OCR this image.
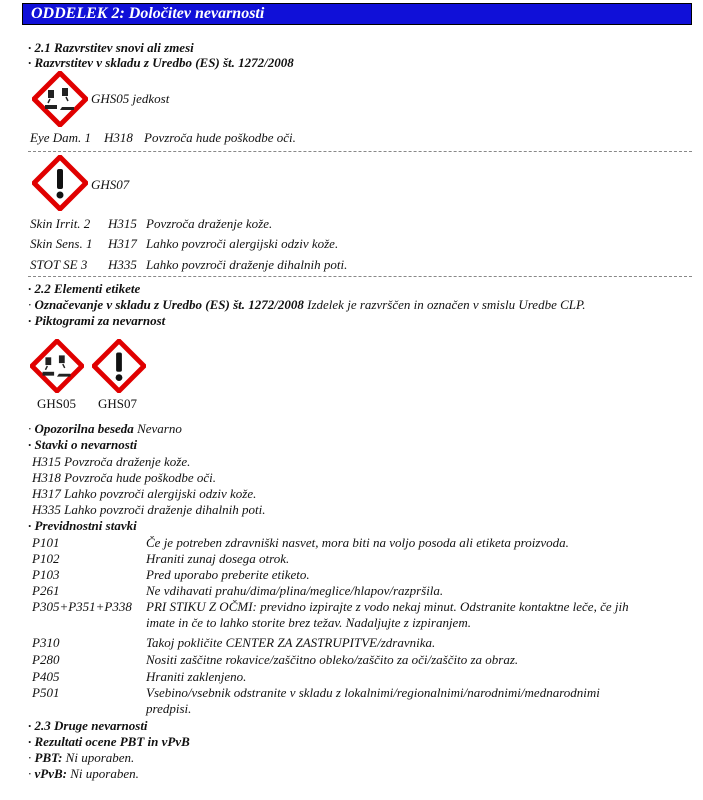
ODDELEK 2: Določitev nevarnosti
· 2.1 Razvrstitev snovi ali zmesi
· Razvrstitev v skladu z Uredbo (ES) št. 1272/2008
GHS05 jedkost
Eye Dam. 1 H318 Povzroča hude poškodbe oči.
GHS07
Skin Irrit. 2 H315 Povzroča draženje kože.
Skin Sens. 1 H317 Lahko povzroči alergijski odziv kože.
STOT SE 3 H335 Lahko povzroči draženje dihalnih poti.
· 2.2 Elementi etikete
· Označevanje v skladu z Uredbo (ES) št. 1272/2008 Izdelek je razvrščen in označen v smislu Uredbe CLP.
· Piktogrami za nevarnost
GHS05 GHS07
· Opozorilna beseda Nevarno
· Stavki o nevarnosti
H315 Povzroča draženje kože.
H318 Povzroča hude poškodbe oči.
H317 Lahko povzroči alergijski odziv kože.
H335 Lahko povzroči draženje dihalnih poti.
· Previdnostni stavki
P101	Če je potreben zdravniški nasvet, mora biti na voljo posoda ali etiketa proizvoda.
P102	Hraniti zunaj dosega otrok.
P103	Pred uporabo preberite etiketo.
P261	Ne vdihavati prahu/dima/plina/meglice/hlapov/razpršila.
P305+P351+P338 PRI STIKU Z OČMI: previdno izpirajte z vodo nekaj minut. Odstranite kontaktne leče, če jih
imate in če to lahko storite brez težav. Nadaljujte z izpiranjem.
P310	Takoj pokličite CENTER ZA ZASTRUPITVE/zdravnika.
P280	Nositi zaščitne rokavice/zaščitno obleko/zaščito za oči/zaščito za obraz.
P405	Hraniti zaklenjeno.
P501	Vsebino/vsebnik odstranite v skladu z lokalnimi/regionalnimi/narodnimi/mednarodnimi
predpisi.
· 2.3 Druge nevarnosti
· Rezultati ocene PBT in vPvB
· PBT: Ni uporaben.
· vPvB: Ni uporaben.
